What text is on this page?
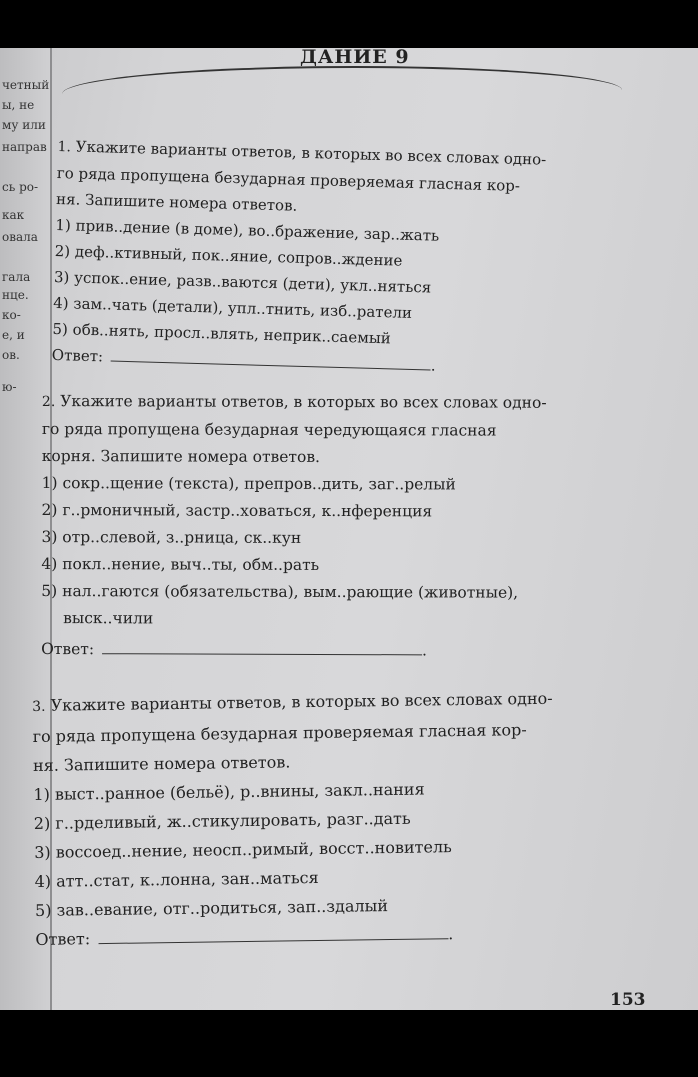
четный
ы, не
му или
направ
сь ро-
как
овала
гала
нце.
ко-
е, и
ов.
ю-
ДАНИЕ 9

1. Укажите варианты ответов, в которых во всех словах одно-

го ряда пропущена безударная проверяемая гласная кор-

ня. Запишите номера ответов.

1) прив..дение (в доме), во..бражение, зар..жать
2) деф..ктивный, пок..яние, сопров..ждение
3) успок..ение, разв..ваются (дети), укл..няться
4) зам..чать (детали), упл..тнить, изб..ратели
5) обв..нять, просл..влять, неприк..саемый

Ответ:.

2. Укажите варианты ответов, в которых во всех словах одно-

го ряда пропущена безударная чередующаяся гласная

корня. Запишите номера ответов.

1) сокр..щение (текста), препров..дить, заг..релый
2) г..рмоничный, застр..ховаться, к..нференция
3) отр..слевой, з..рница, ск..кун
4) покл..нение, выч..ты, обм..рать
5) нал..гаются (обязательства), вым..рающие (животные),
выск..чили

Ответ:	.

3. Укажите варианты ответов, в которых во всех словах одно-

го ряда пропущена безударная проверяемая гласная кор-

ня. Запишите номера ответов.

1) выст..ранное (бельё), р..внины, закл..нания
2) г..рделивый, ж..стикулировать, разг..дать
3) воссоед..нение, неосп..римый, восст..новитель
4) атт..стат, к..лонна, зан..маться
5) зав..евание, отг..родиться, зап..здалый

Ответ:	.

153
